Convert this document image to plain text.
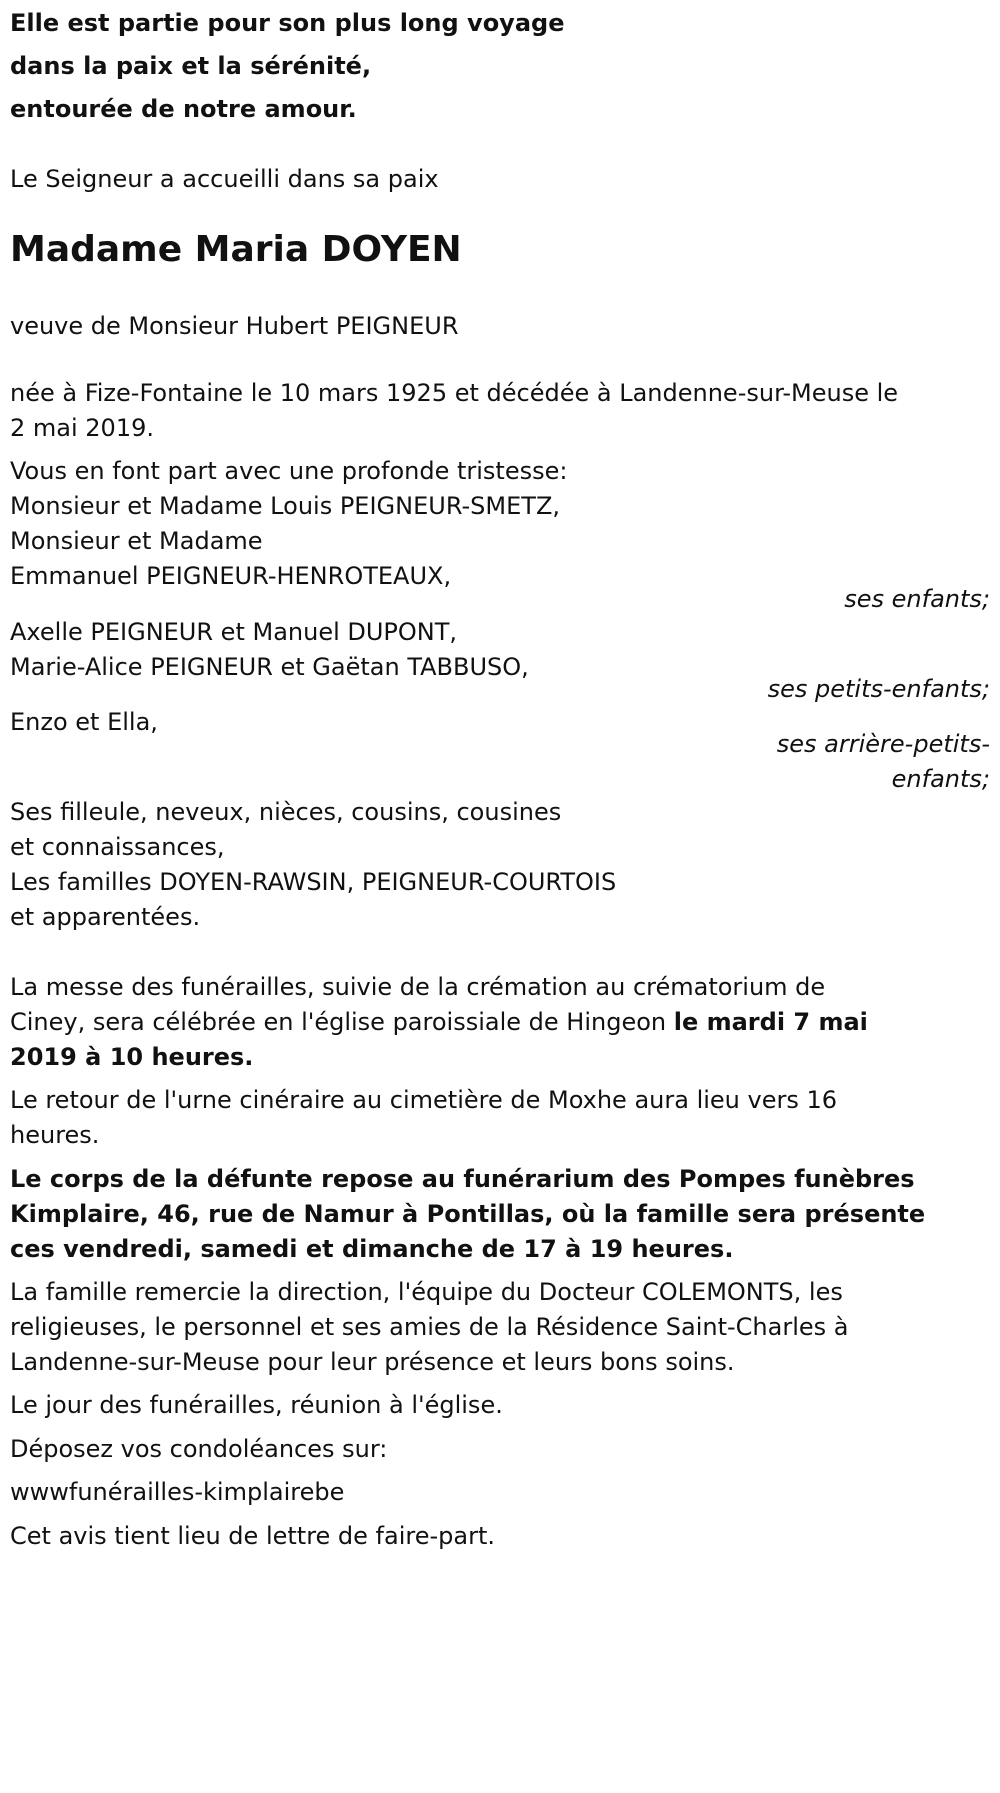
Elle est partie pour son plus long voyage
dans la paix et la sérénité,
entourée de notre amour.
Le Seigneur a accueilli dans sa paix
Madame Maria DOYEN
veuve de Monsieur Hubert PEIGNEUR
née à Fize-Fontaine le 10 mars 1925 et décédée à Landenne-sur-Meuse le
2 mai 2019.
Vous en font part avec une profonde tristesse:
Monsieur et Madame Louis PEIGNEUR-SMETZ,
Monsieur et Madame
Emmanuel PEIGNEUR-HENROTEAUX,
ses enfants;
Axelle PEIGNEUR et Manuel DUPONT,
Marie-Alice PEIGNEUR et Gaëtan TABBUSO,
ses petits-enfants;
Enzo et Ella,
ses arrière-petits-
enfants;
Ses filleule, neveux, nièces, cousins, cousines
et connaissances,
Les familles DOYEN-RAWSIN, PEIGNEUR-COURTOIS
et apparentées.
La messe des funérailles, suivie de la crémation au crématorium de
Ciney, sera célébrée en l'église paroissiale de Hingeon le mardi 7 mai
2019 à 10 heures.
Le retour de l'urne cinéraire au cimetière de Moxhe aura lieu vers 16
heures.
Le corps de la défunte repose au funérarium des Pompes funèbres
Kimplaire, 46, rue de Namur à Pontillas, où la famille sera présente
ces vendredi, samedi et dimanche de 17 à 19 heures.
La famille remercie la direction, l'équipe du Docteur COLEMONTS, les
religieuses, le personnel et ses amies de la Résidence Saint-Charles à
Landenne-sur-Meuse pour leur présence et leurs bons soins.
Le jour des funérailles, réunion à l'église.
Déposez vos condoléances sur:
wwwfunérailles-kimplairebe
Cet avis tient lieu de lettre de faire-part.
